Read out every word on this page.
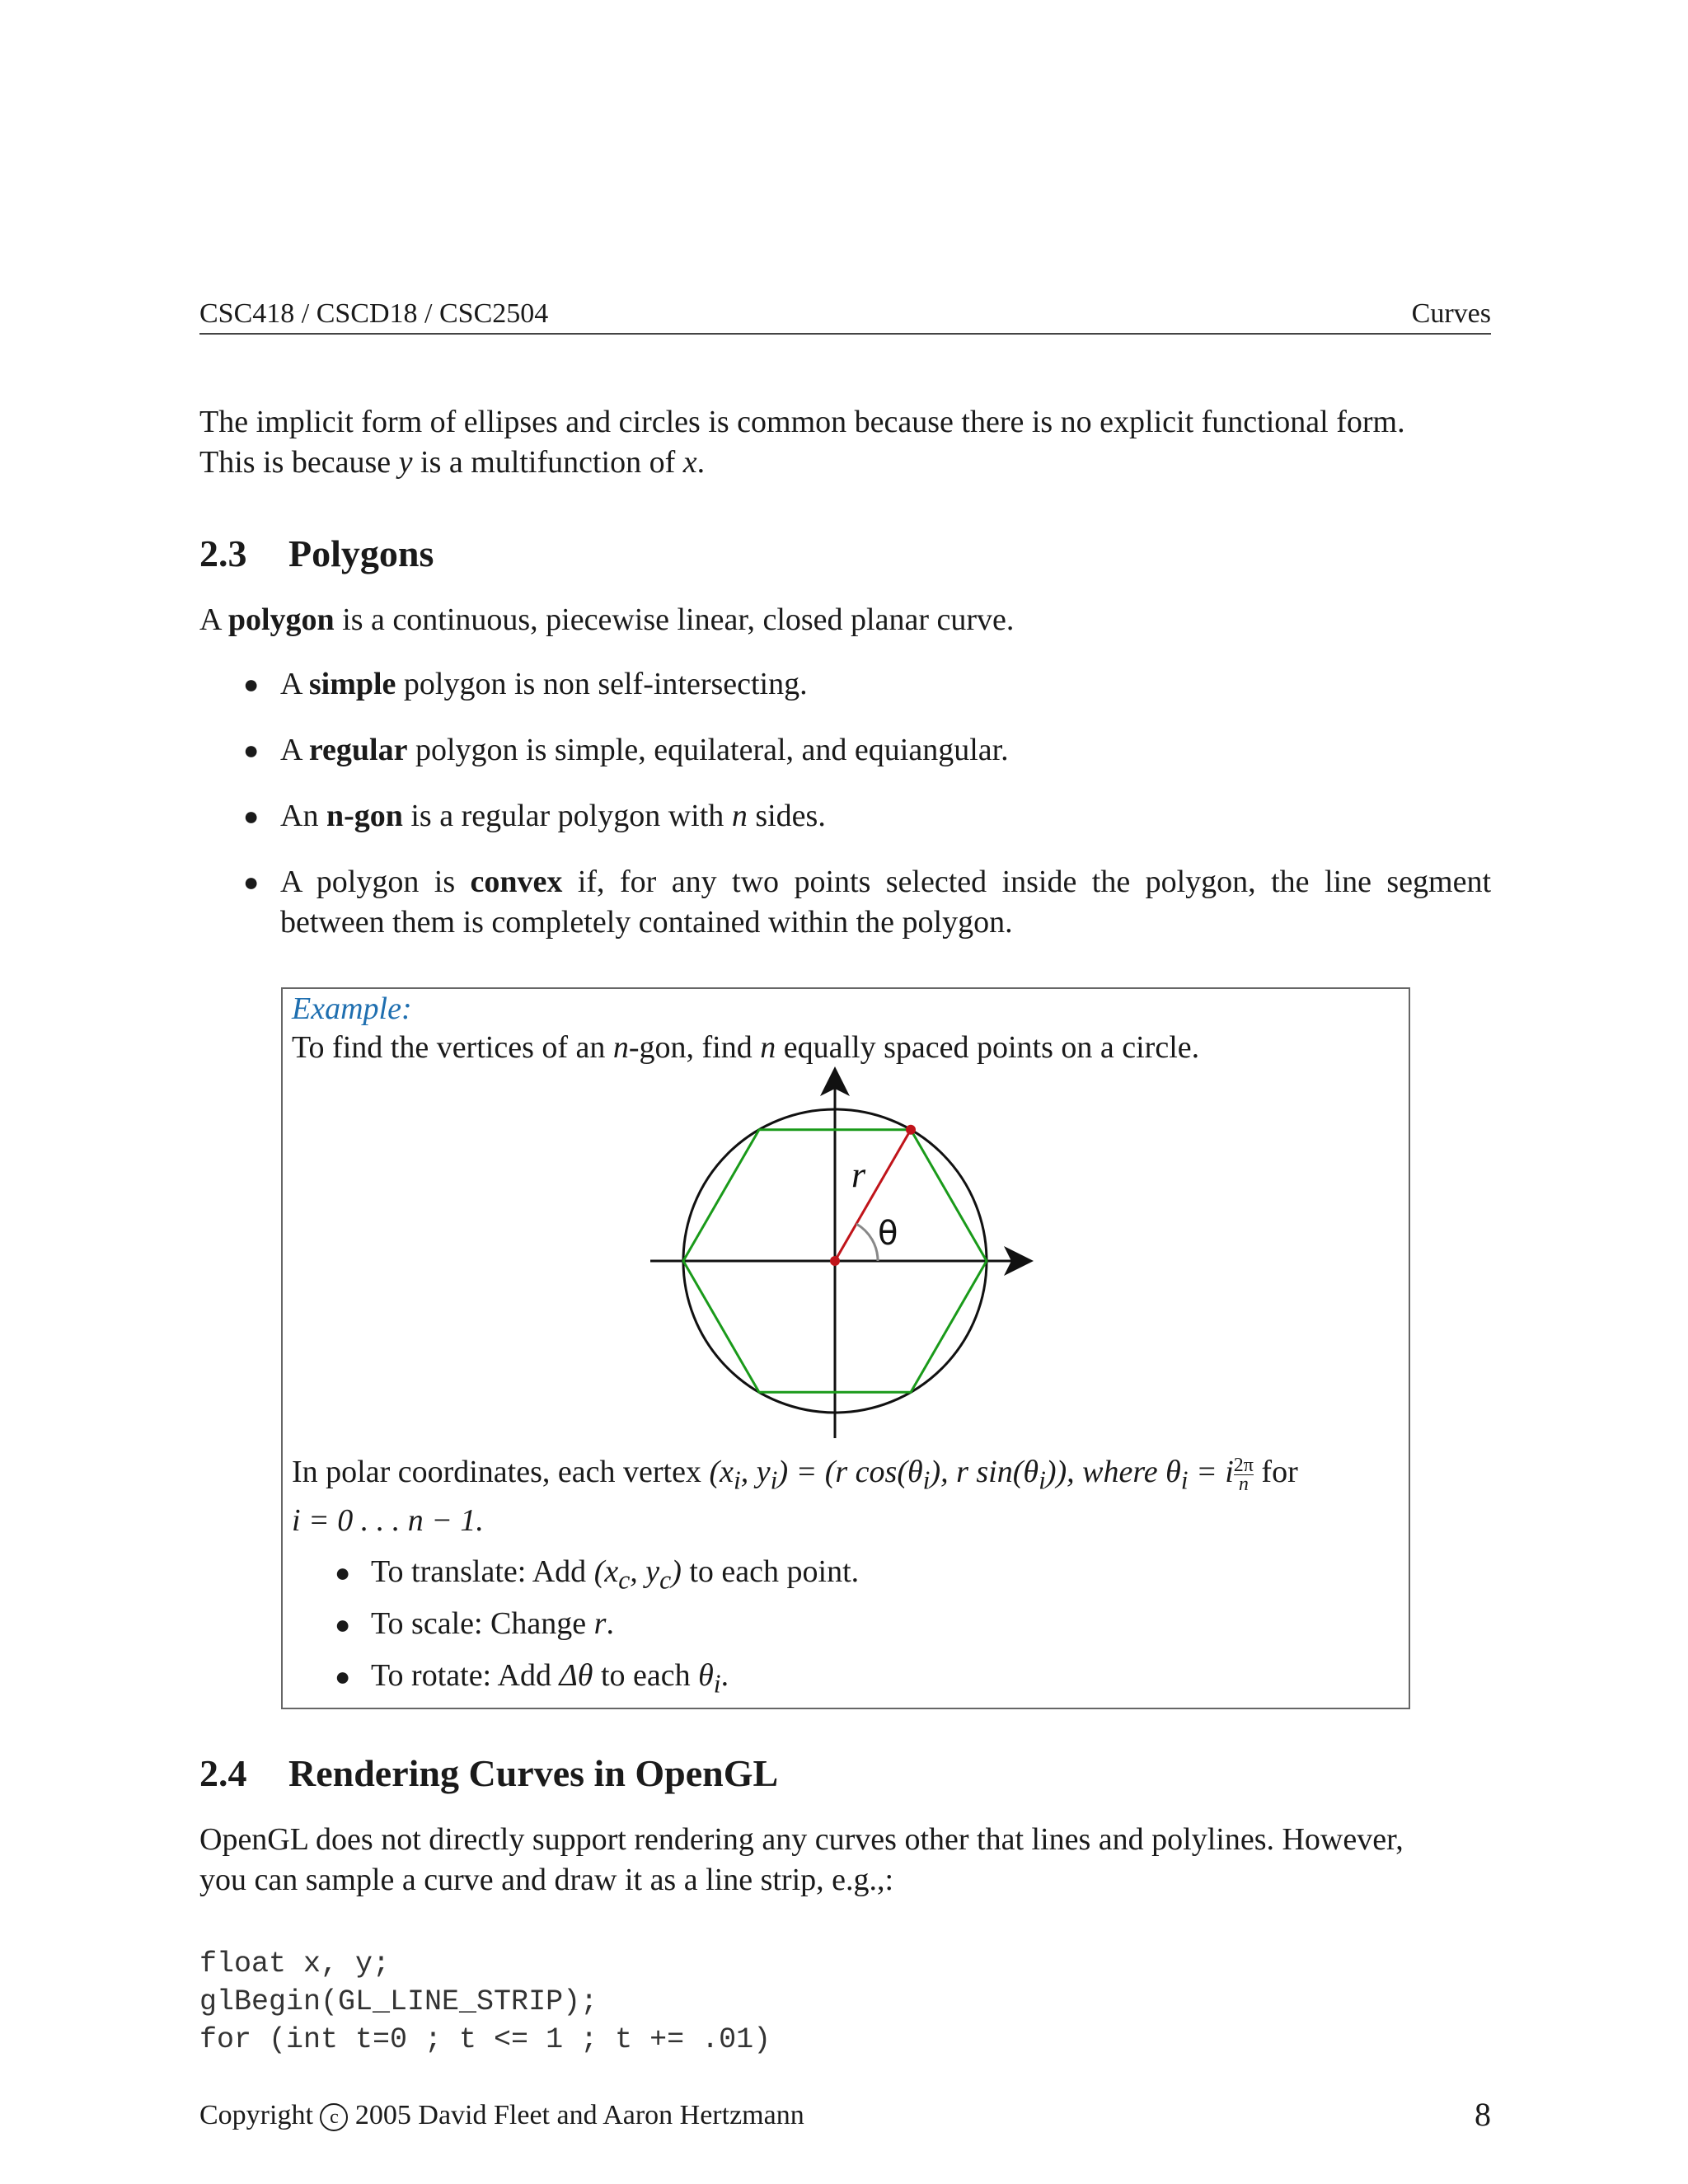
CSC418 / CSCD18 / CSC2504	Curves
The implicit form of ellipses and circles is common because there is no explicit functional form.
This is because y is a multifunction of x.
2.3 Polygons
A polygon is a continuous, piecewise linear, closed planar curve.
● A simple polygon is non self-intersecting.
● A regular polygon is simple, equilateral, and equiangular.
● An n-gon is a regular polygon with n sides.
● A polygon is convex if, for any two points selected inside the polygon, the line segment between them is completely contained within the polygon.
Example:
To find the vertices of an n-gon, find n equally spaced points on a circle.
r
θ
In polar coordinates, each vertex ($x_i$, $y_i) = (r$ $\cos(\theta_i)$, r $\sin(\theta_i)$), where $\theta_i = i \frac{2\pi}{n}$ for
i = 0 . . . n − 1.
● To translate: Add ($x_c$, $y_c$) to each point.
● To scale: Change r.
● To rotate: Add Δθ to each $\theta_i$.
2.4 Rendering Curves in OpenGL
OpenGL does not directly support rendering any curves other that lines and polylines. However,
you can sample a curve and draw it as a line strip, e.g.,:
float x, y;
glBegin(GL_LINE_STRIP);
for (int t=0 ; t <= 1 ; t += .01)
Copyright c 2005 David Fleet and Aaron Hertzmann	8
